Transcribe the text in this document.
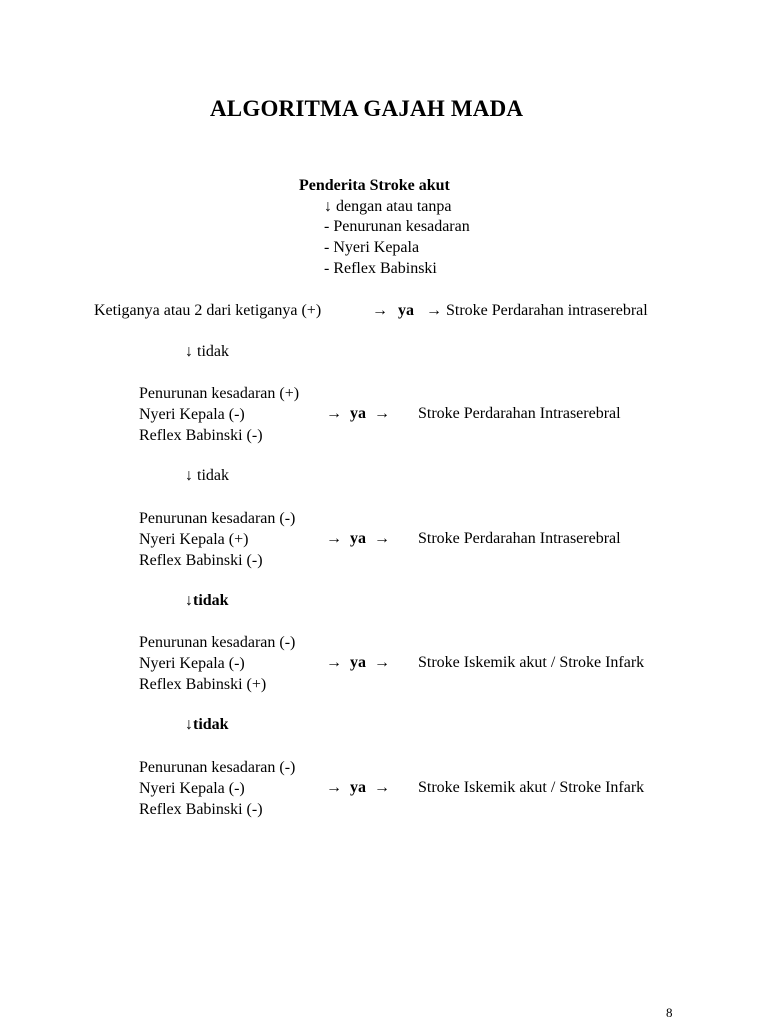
ALGORITMA GAJAH MADA
Penderita Stroke akut
↓ dengan atau tanpa
- Penurunan kesadaran
- Nyeri Kepala
- Reflex Babinski
Ketiganya atau 2 dari ketiganya (+)	→ ya → Stroke Perdarahan intraserebral
↓ tidak
Penurunan kesadaran (+)
Nyeri Kepala (-)
Reflex Babinski (-)
→  ya  → Stroke Perdarahan Intraserebral
↓ tidak
Penurunan kesadaran (-)
Nyeri Kepala (+)
Reflex Babinski (-)
→  ya  → Stroke Perdarahan Intraserebral
↓tidak
Penurunan kesadaran (-)
Nyeri Kepala (-)
Reflex Babinski (+)
→  ya  → Stroke Iskemik akut / Stroke Infark
↓tidak
Penurunan kesadaran (-)
Nyeri Kepala (-)
Reflex Babinski (-)
→  ya  → Stroke Iskemik akut / Stroke Infark
8
